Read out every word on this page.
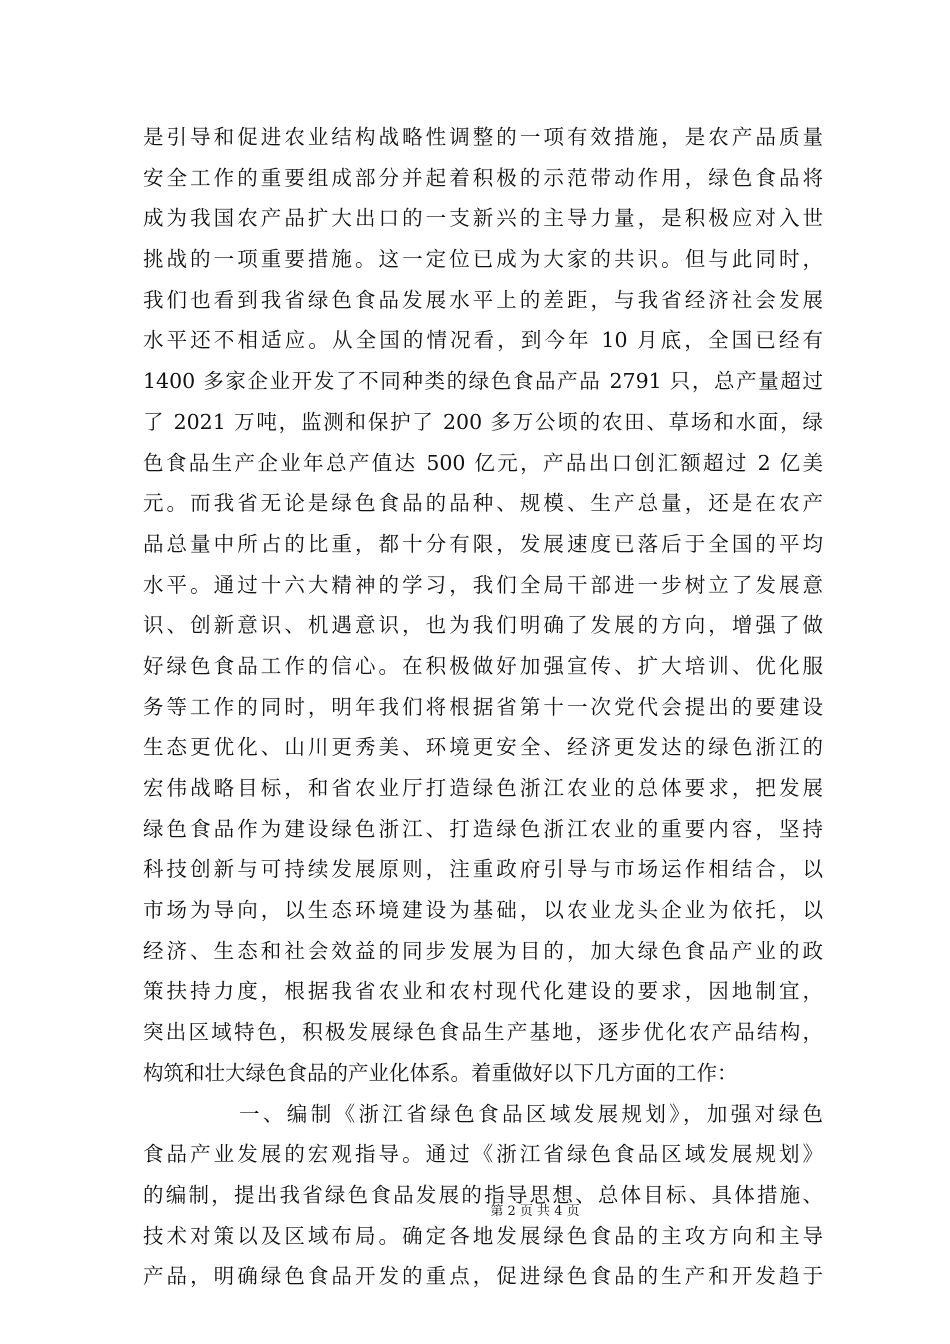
是引导和促进农业结构战略性调整的一项有效措施，是农产品质量
安全工作的重要组成部分并起着积极的示范带动作用，绿色食品将
成为我国农产品扩大出口的一支新兴的主导力量，是积极应对入世
挑战的一项重要措施。这一定位已成为大家的共识。但与此同时，
我们也看到我省绿色食品发展水平上的差距，与我省经济社会发展
水平还不相适应。从全国的情况看，到今年 10 月底，全国已经有
1400 多家企业开发了不同种类的绿色食品产品 2791 只，总产量超过
了 2021 万吨，监测和保护了 200 多万公顷的农田、草场和水面，绿
色食品生产企业年总产值达 500 亿元，产品出口创汇额超过 2 亿美
元。而我省无论是绿色食品的品种、规模、生产总量，还是在农产
品总量中所占的比重，都十分有限，发展速度已落后于全国的平均
水平。通过十六大精神的学习，我们全局干部进一步树立了发展意
识、创新意识、机遇意识，也为我们明确了发展的方向，增强了做
好绿色食品工作的信心。在积极做好加强宣传、扩大培训、优化服
务等工作的同时，明年我们将根据省第十一次党代会提出的要建设
生态更优化、山川更秀美、环境更安全、经济更发达的绿色浙江的
宏伟战略目标，和省农业厅打造绿色浙江农业的总体要求，把发展
绿色食品作为建设绿色浙江、打造绿色浙江农业的重要内容，坚持
科技创新与可持续发展原则，注重政府引导与市场运作相结合，以
市场为导向，以生态环境建设为基础，以农业龙头企业为依托，以
经济、生态和社会效益的同步发展为目的，加大绿色食品产业的政
策扶持力度，根据我省农业和农村现代化建设的要求，因地制宜，
突出区域特色，积极发展绿色食品生产基地，逐步优化农产品结构，
构筑和壮大绿色食品的产业化体系。着重做好以下几方面的工作：
一、编制《浙江省绿色食品区域发展规划》，加强对绿色
食品产业发展的宏观指导。通过《浙江省绿色食品区域发展规划》
的编制，提出我省绿色食品发展的指导思想、总体目标、具体措施、
技术对策以及区域布局。确定各地发展绿色食品的主攻方向和主导
产品，明确绿色食品开发的重点，促进绿色食品的生产和开发趋于
第 2 页 共 4 页
